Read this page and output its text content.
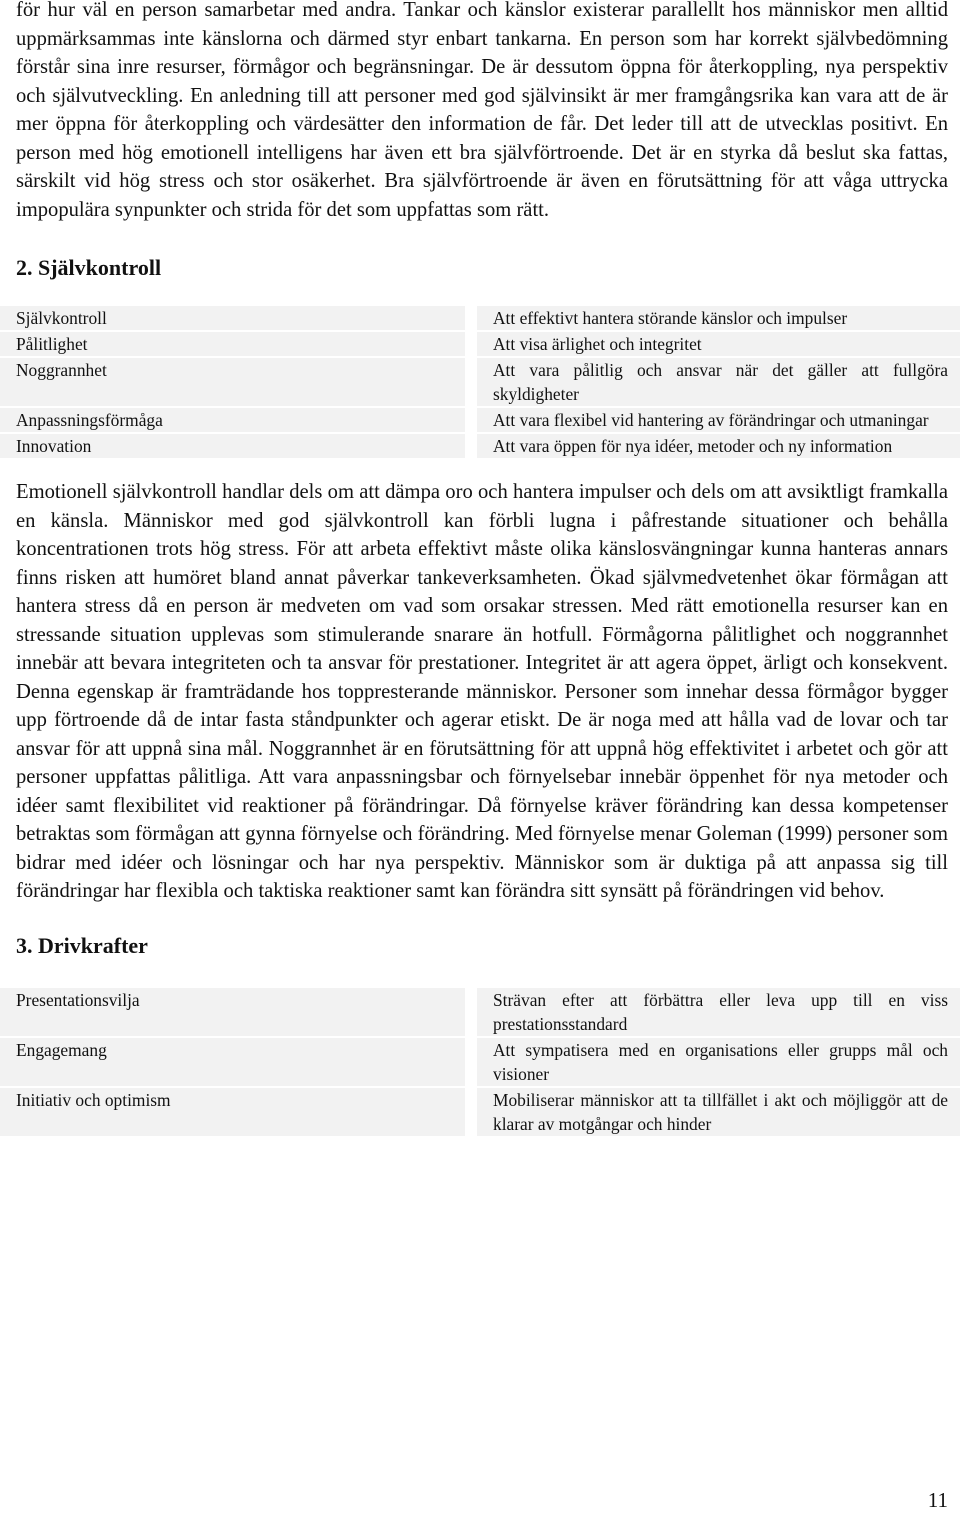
för hur väl en person samarbetar med andra. Tankar och känslor existerar parallellt hos människor men alltid uppmärksammas inte känslorna och därmed styr enbart tankarna. En person som har korrekt självbedömning förstår sina inre resurser, förmågor och begränsningar. De är dessutom öppna för återkoppling, nya perspektiv och självutveckling. En anledning till att personer med god självinsikt är mer framgångsrika kan vara att de är mer öppna för återkoppling och värdesätter den information de får. Det leder till att de utvecklas positivt. En person med hög emotionell intelligens har även ett bra självförtroende. Det är en styrka då beslut ska fattas, särskilt vid hög stress och stor osäkerhet. Bra självförtroende är även en förutsättning för att våga uttrycka impopulära synpunkter och strida för det som uppfattas som rätt.

2. Självkontroll
Självkontroll		Att effektivt hantera störande känslor och impulser
Pålitlighet		Att visa ärlighet och integritet
Noggrannhet		Att vara pålitlig och ansvar när det gäller att fullgöra skyldigheter
Anpassningsförmåga		Att vara flexibel vid hantering av förändringar och utmaningar
Innovation		Att vara öppen för nya idéer, metoder och ny information

Emotionell självkontroll handlar dels om att dämpa oro och hantera impulser och dels om att avsiktligt framkalla en känsla. Människor med god självkontroll kan förbli lugna i påfrestande situationer och behålla koncentrationen trots hög stress. För att arbeta effektivt måste olika känslosvängningar kunna hanteras annars finns risken att humöret bland annat påverkar tankeverksamheten. Ökad självmedvetenhet ökar förmågan att hantera stress då en person är medveten om vad som orsakar stressen. Med rätt emotionella resurser kan en stressande situation upplevas som stimulerande snarare än hotfull. Förmågorna pålitlighet och noggrannhet innebär att bevara integriteten och ta ansvar för prestationer. Integritet är att agera öppet, ärligt och konsekvent. Denna egenskap är framträdande hos toppresterande människor. Personer som innehar dessa förmågor bygger upp förtroende då de intar fasta ståndpunkter och agerar etiskt. De är noga med att hålla vad de lovar och tar ansvar för att uppnå sina mål. Noggrannhet är en förutsättning för att uppnå hög effektivitet i arbetet och gör att personer uppfattas pålitliga. Att vara anpassningsbar och förnyelsebar innebär öppenhet för nya metoder och idéer samt flexibilitet vid reaktioner på förändringar. Då förnyelse kräver förändring kan dessa kompetenser betraktas som förmågan att gynna förnyelse och förändring. Med förnyelse menar Goleman (1999) personer som bidrar med idéer och lösningar och har nya perspektiv. Människor som är duktiga på att anpassa sig till förändringar har flexibla och taktiska reaktioner samt kan förändra sitt synsätt på förändringen vid behov.

3. Drivkrafter
Presentationsvilja		Strävan efter att förbättra eller leva upp till en viss prestationsstandard
Engagemang		Att sympatisera med en organisations eller grupps mål och visioner
Initiativ och optimism		Mobiliserar människor att ta tillfället i akt och möjliggör att de klarar av motgångar och hinder
11
